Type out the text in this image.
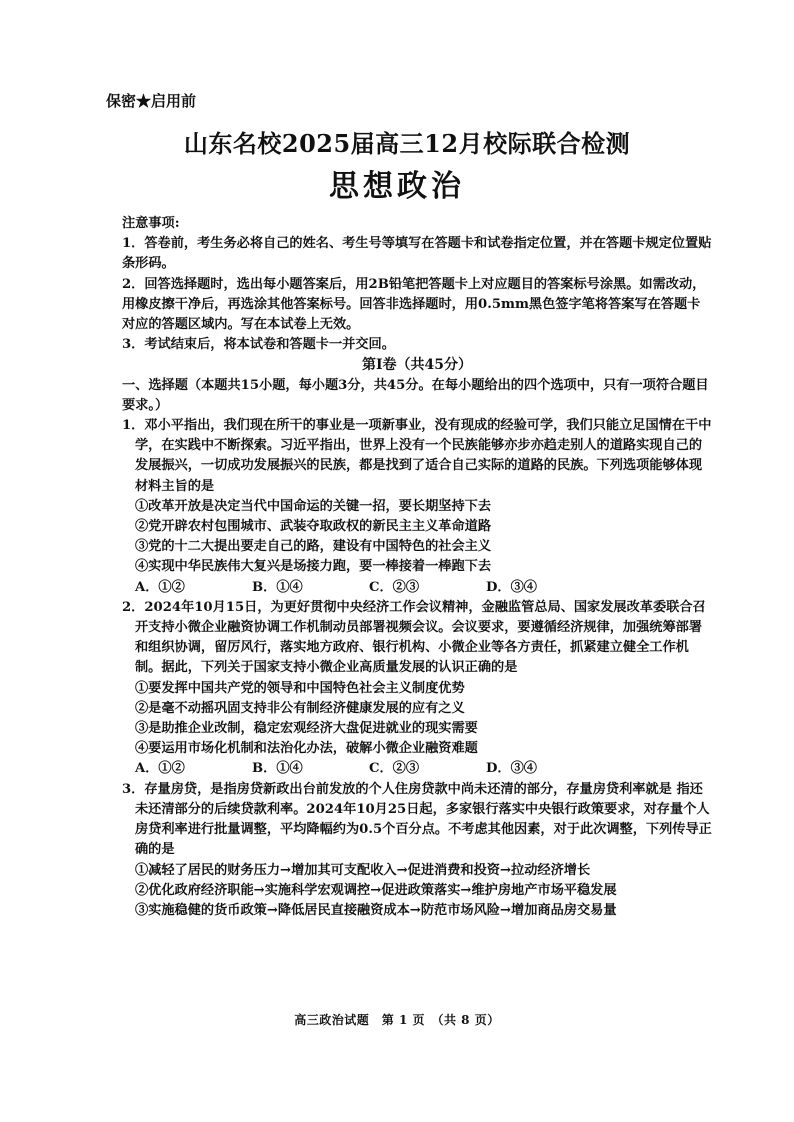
保密★启用前
山东名校2025届高三12月校际联合检测
思想政治

注意事项:

1．答卷前，考生务必将自己的姓名、考生号等填写在答题卡和试卷指定位置，并在答题卡规定位置贴条形码。

2．回答选择题时，选出每小题答案后，用2B铅笔把答题卡上对应题目的答案标号涂黑。如需改动，用橡皮擦干净后，再选涂其他答案标号。回答非选择题时，用0.5mm黑色签字笔将答案写在答题卡对应的答题区域内。写在本试卷上无效。

3．考试结束后，将本试卷和答题卡一并交回。

第Ⅰ卷（共45分）

一、选择题（本题共15小题，每小题3分，共45分。在每小题给出的四个选项中，只有一项符合题目要求。）

1．邓小平指出，我们现在所干的事业是一项新事业，没有现成的经验可学，我们只能立足国情在干中学，在实践中不断探索。习近平指出，世界上没有一个民族能够亦步亦趋走别人的道路实现自己的发展振兴，一切成功发展振兴的民族，都是找到了适合自己实际的道路的民族。下列选项能够体现材料主旨的是

①改革开放是决定当代中国命运的关键一招，要长期坚持下去

②党开辟农村包围城市、武装夺取政权的新民主主义革命道路

③党的十二大提出要走自己的路，建设有中国特色的社会主义

④实现中华民族伟大复兴是场接力跑，要一棒接着一棒跑下去

A．①②	B．①④	C．②③	D．③④

2．2024年10月15日，为更好贯彻中央经济工作会议精神，金融监管总局、国家发展改革委联合召开支持小微企业融资协调工作机制动员部署视频会议。会议要求，要遵循经济规律，加强统筹部署和组织协调，留厉风行，落实地方政府、银行机构、小微企业等各方责任，抓紧建立健全工作机制。据此，下列关于国家支持小微企业高质量发展的认识正确的是

①要发挥中国共产党的领导和中国特色社会主义制度优势

②是毫不动摇巩固支持非公有制经济健康发展的应有之义

③是助推企业改制，稳定宏观经济大盘促进就业的现实需要

④要运用市场化机制和法治化办法，破解小微企业融资难题

A．①②	B．①④	C．②③	D．③④

3．存量房贷，是指房贷新政出台前发放的个人住房贷款中尚未还清的部分，存量房贷利率就是 指还未还清部分的后续贷款利率。2024年10月25日起，多家银行落实中央银行政策要求，对存量个人房贷利率进行批量调整，平均降幅约为0.5个百分点。不考虑其他因素，对于此次调整，下列传导正确的是

①减轻了居民的财务压力→增加其可支配收入→促进消费和投资→拉动经济增长

②优化政府经济职能→实施科学宏观调控→促进政策落实→维护房地产市场平稳发展

③实施稳健的货币政策→降低居民直接融资成本→防范市场风险→增加商品房交易量

高三政治试题　第 1 页　（共 8 页）
